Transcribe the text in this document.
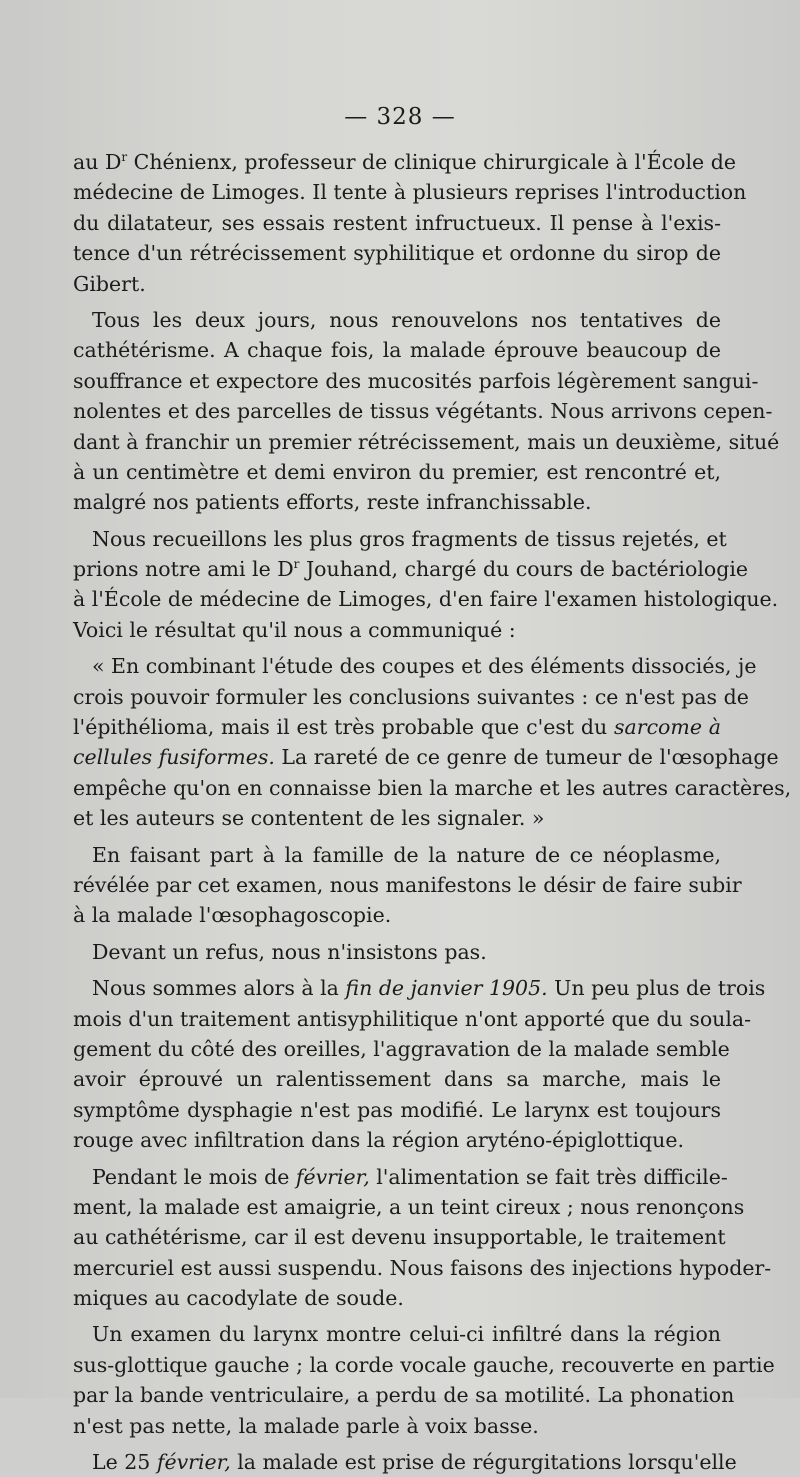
— 328 —
au $D^r$ Chénienx, professeur de clinique chirurgicale à l'École de
médecine de Limoges. Il tente à plusieurs reprises l'introduction
du dilatateur, ses essais restent infructueux. Il pense à l'exis-
tence d'un rétrécissement syphilitique et ordonne du sirop de
Gibert.
Tous les deux jours, nous renouvelons nos tentatives de
cathétérisme. A chaque fois, la malade éprouve beaucoup de
souffrance et expectore des mucosités parfois légèrement sangui-
nolentes et des parcelles de tissus végétants. Nous arrivons cepen-
dant à franchir un premier rétrécissement, mais un deuxième, situé
à un centimètre et demi environ du premier, est rencontré et,
malgré nos patients efforts, reste infranchissable.
Nous recueillons les plus gros fragments de tissus rejetés, et
prions notre ami le $D^r$ Jouhand, chargé du cours de bactériologie
à l'École de médecine de Limoges, d'en faire l'examen histologique.
Voici le résultat qu'il nous a communiqué :
« En combinant l'étude des coupes et des éléments dissociés, je
crois pouvoir formuler les conclusions suivantes : ce n'est pas de
l'épithélioma, mais il est très probable que c'est du sarcome à
cellules fusiformes. La rareté de ce genre de tumeur de l'œsophage
empêche qu'on en connaisse bien la marche et les autres caractères,
et les auteurs se contentent de les signaler. »
En faisant part à la famille de la nature de ce néoplasme,
révélée par cet examen, nous manifestons le désir de faire subir
à la malade l'œsophagoscopie.
Devant un refus, nous n'insistons pas.
Nous sommes alors à la fin de janvier 1905. Un peu plus de trois
mois d'un traitement antisyphilitique n'ont apporté que du soula-
gement du côté des oreilles, l'aggravation de la malade semble
avoir éprouvé un ralentissement dans sa marche, mais le
symptôme dysphagie n'est pas modifié. Le larynx est toujours
rouge avec infiltration dans la région aryténo-épiglottique.
Pendant le mois de février, l'alimentation se fait très difficile-
ment, la malade est amaigrie, a un teint cireux ; nous renonçons
au cathétérisme, car il est devenu insupportable, le traitement
mercuriel est aussi suspendu. Nous faisons des injections hypoder-
miques au cacodylate de soude.
Un examen du larynx montre celui-ci infiltré dans la région
sus-glottique gauche ; la corde vocale gauche, recouverte en partie
par la bande ventriculaire, a perdu de sa motilité. La phonation
n'est pas nette, la malade parle à voix basse.
Le 25 février, la malade est prise de régurgitations lorsqu'elle
